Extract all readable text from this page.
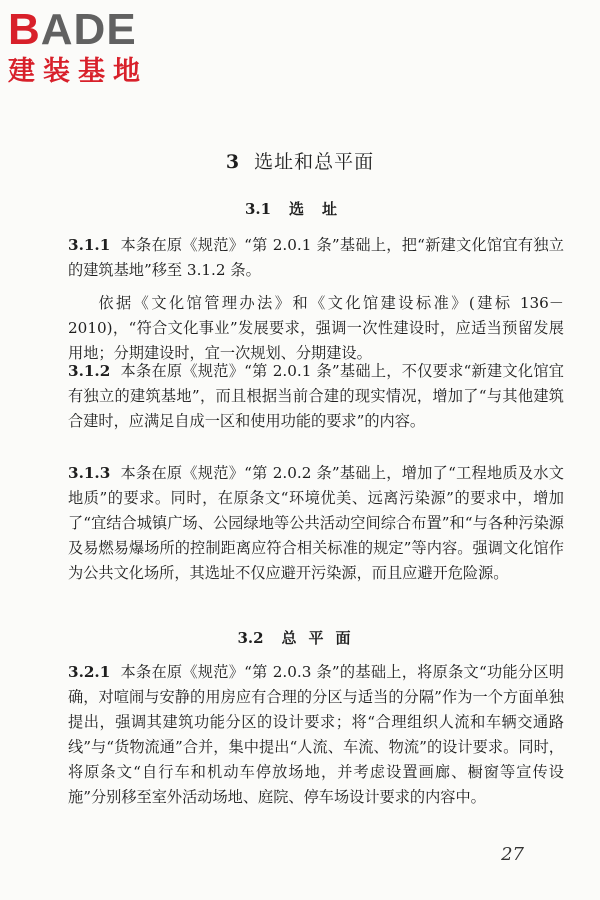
BADE
建装基地
3 选址和总平面
3.1 选址
3.1.1 本条在原《规范》“第 2.0.1 条”基础上，把“新建文化馆宜有独立的建筑基地”移至 3.1.2 条。
依据《文化馆管理办法》和《文化馆建设标准》(建标 136－2010)，“符合文化事业”发展要求，强调一次性建设时，应适当预留发展用地；分期建设时，宜一次规划、分期建设。
3.1.2 本条在原《规范》“第 2.0.1 条”基础上，不仅要求“新建文化馆宜有独立的建筑基地”，而且根据当前合建的现实情况，增加了“与其他建筑合建时，应满足自成一区和使用功能的要求”的内容。
3.1.3 本条在原《规范》“第 2.0.2 条”基础上，增加了“工程地质及水文地质”的要求。同时，在原条文“环境优美、远离污染源”的要求中，增加了“宜结合城镇广场、公园绿地等公共活动空间综合布置”和“与各种污染源及易燃易爆场所的控制距离应符合相关标准的规定”等内容。强调文化馆作为公共文化场所，其选址不仅应避开污染源，而且应避开危险源。
3.2 总平面
3.2.1 本条在原《规范》“第 2.0.3 条”的基础上，将原条文“功能分区明确，对喧闹与安静的用房应有合理的分区与适当的分隔”作为一个方面单独提出，强调其建筑功能分区的设计要求；将“合理组织人流和车辆交通路线”与“货物流通”合并，集中提出“人流、车流、物流”的设计要求。同时，将原条文“自行车和机动车停放场地，并考虑设置画廊、橱窗等宣传设施”分别移至室外活动场地、庭院、停车场设计要求的内容中。
27
